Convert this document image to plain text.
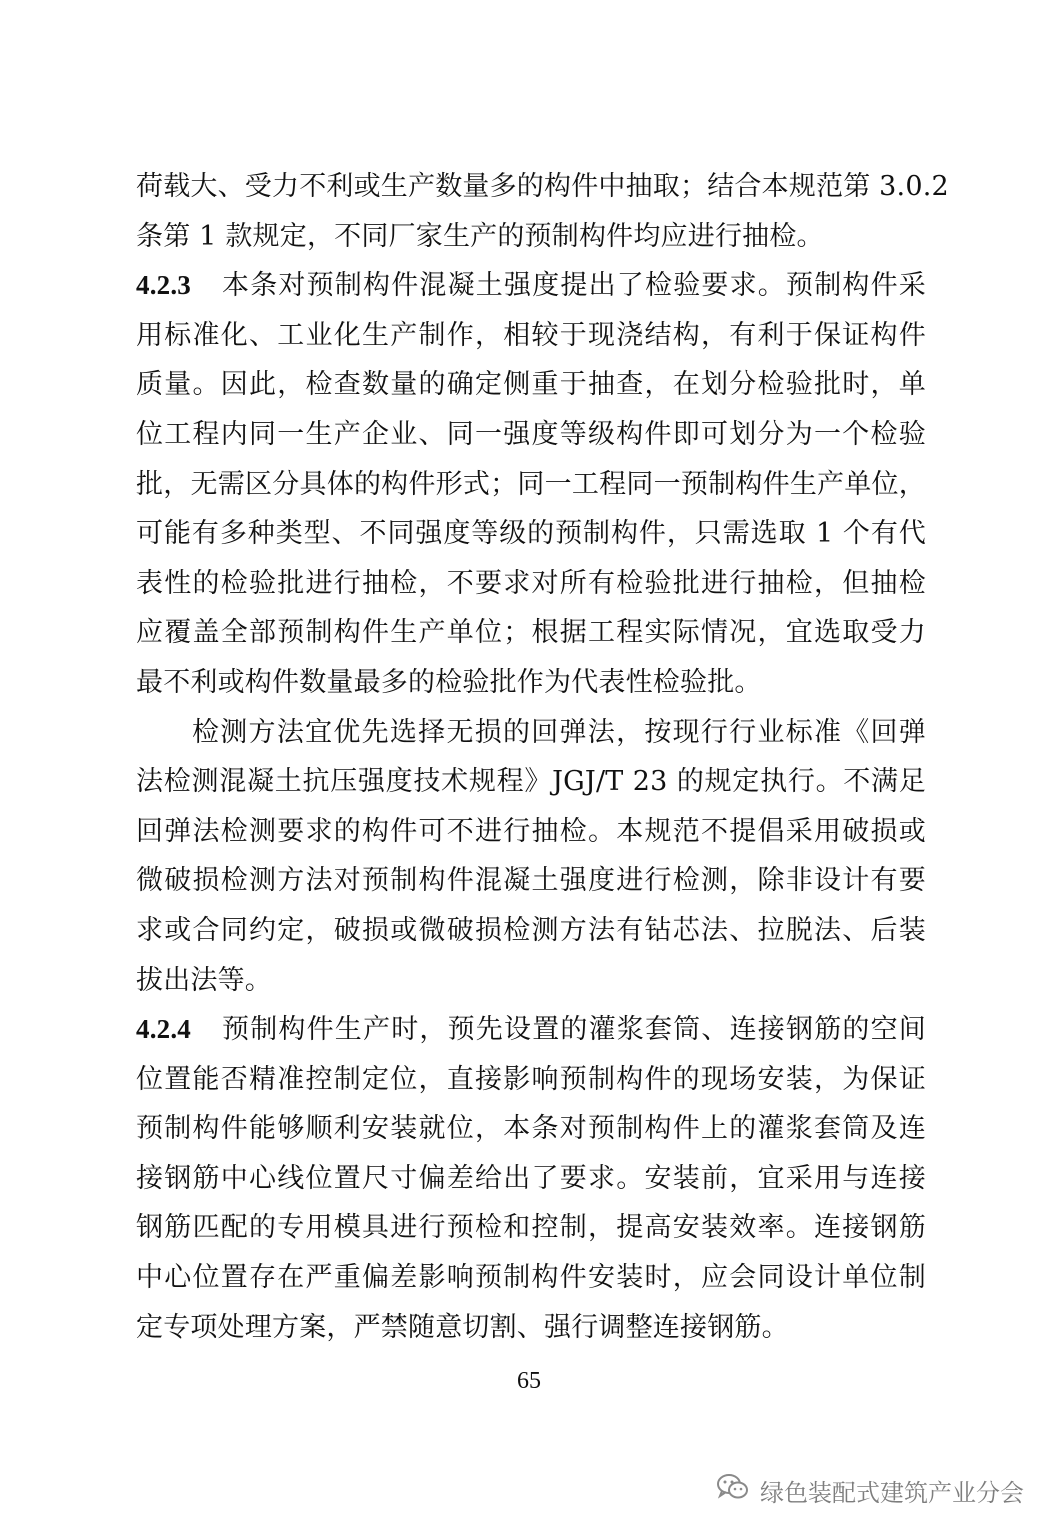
荷载大、受力不利或生产数量多的构件中抽取；结合本规范第 3.0.2
条第 1 款规定，不同厂家生产的预制构件均应进行抽检。
4.2.3 本条对预制构件混凝土强度提出了检验要求。预制构件采
用标准化、工业化生产制作，相较于现浇结构，有利于保证构件
质量。因此，检查数量的确定侧重于抽查，在划分检验批时，单
位工程内同一生产企业、同一强度等级构件即可划分为一个检验
批，无需区分具体的构件形式；同一工程同一预制构件生产单位，
可能有多种类型、不同强度等级的预制构件，只需选取 1 个有代
表性的检验批进行抽检，不要求对所有检验批进行抽检，但抽检
应覆盖全部预制构件生产单位；根据工程实际情况，宜选取受力
最不利或构件数量最多的检验批作为代表性检验批。
检测方法宜优先选择无损的回弹法，按现行行业标准《回弹
法检测混凝土抗压强度技术规程》JGJ/T 23 的规定执行。不满足
回弹法检测要求的构件可不进行抽检。本规范不提倡采用破损或
微破损检测方法对预制构件混凝土强度进行检测，除非设计有要
求或合同约定，破损或微破损检测方法有钻芯法、拉脱法、后装
拔出法等。
4.2.4 预制构件生产时，预先设置的灌浆套筒、连接钢筋的空间
位置能否精准控制定位，直接影响预制构件的现场安装，为保证
预制构件能够顺利安装就位，本条对预制构件上的灌浆套筒及连
接钢筋中心线位置尺寸偏差给出了要求。安装前，宜采用与连接
钢筋匹配的专用模具进行预检和控制，提高安装效率。连接钢筋
中心位置存在严重偏差影响预制构件安装时，应会同设计单位制
定专项处理方案，严禁随意切割、强行调整连接钢筋。
65
绿色装配式建筑产业分会
